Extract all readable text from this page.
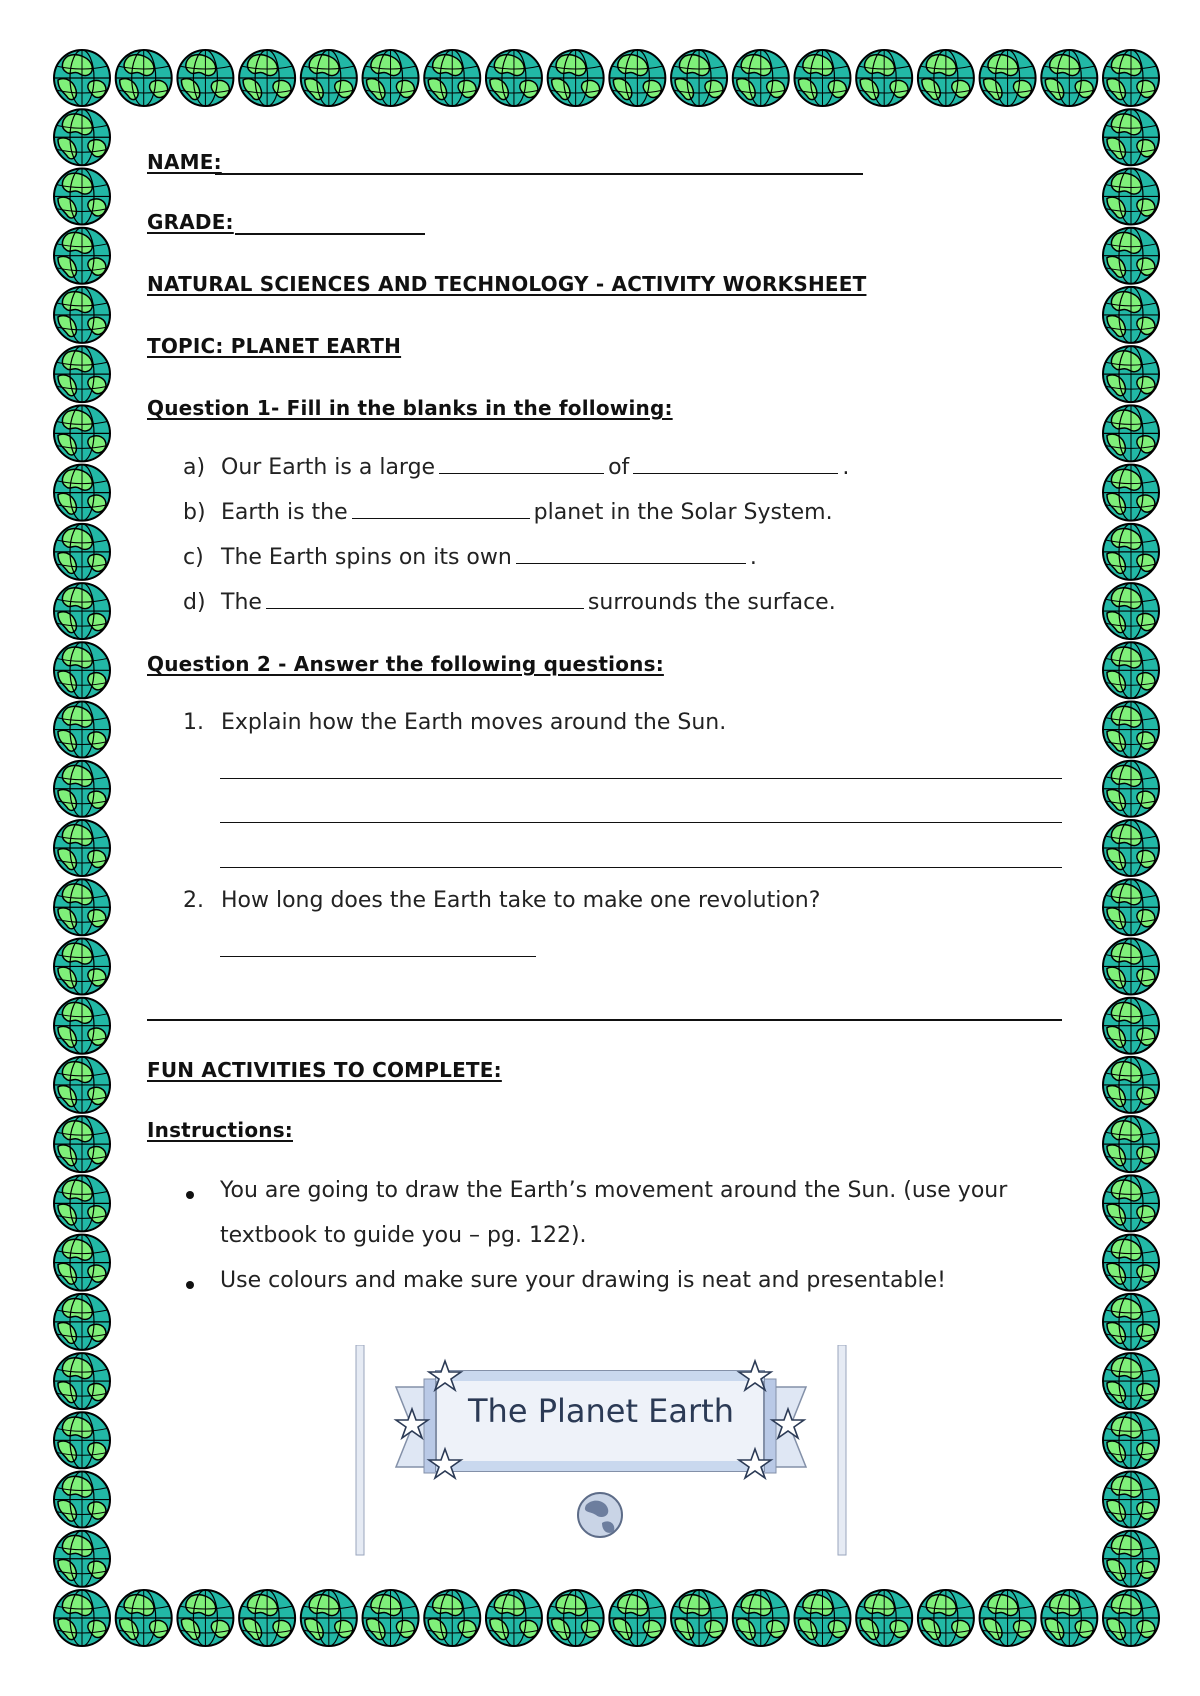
NAME:
GRADE:
NATURAL SCIENCES AND TECHNOLOGY - ACTIVITY WORKSHEET
TOPIC: PLANET EARTH
Question 1- Fill in the blanks in the following:
a) Our Earth is a large	of	.
b) Earth is the	planet in the Solar System.
c) The Earth spins on its own	.
d) The	surrounds the surface.
Question 2 - Answer the following questions:
1. Explain how the Earth moves around the Sun.
2. How long does the Earth take to make one revolution?
FUN ACTIVITIES TO COMPLETE:
Instructions:
You are going to draw the Earth’s movement around the Sun. (use your
textbook to guide you – pg. 122).
Use colours and make sure your drawing is neat and presentable!
The Planet Earth
